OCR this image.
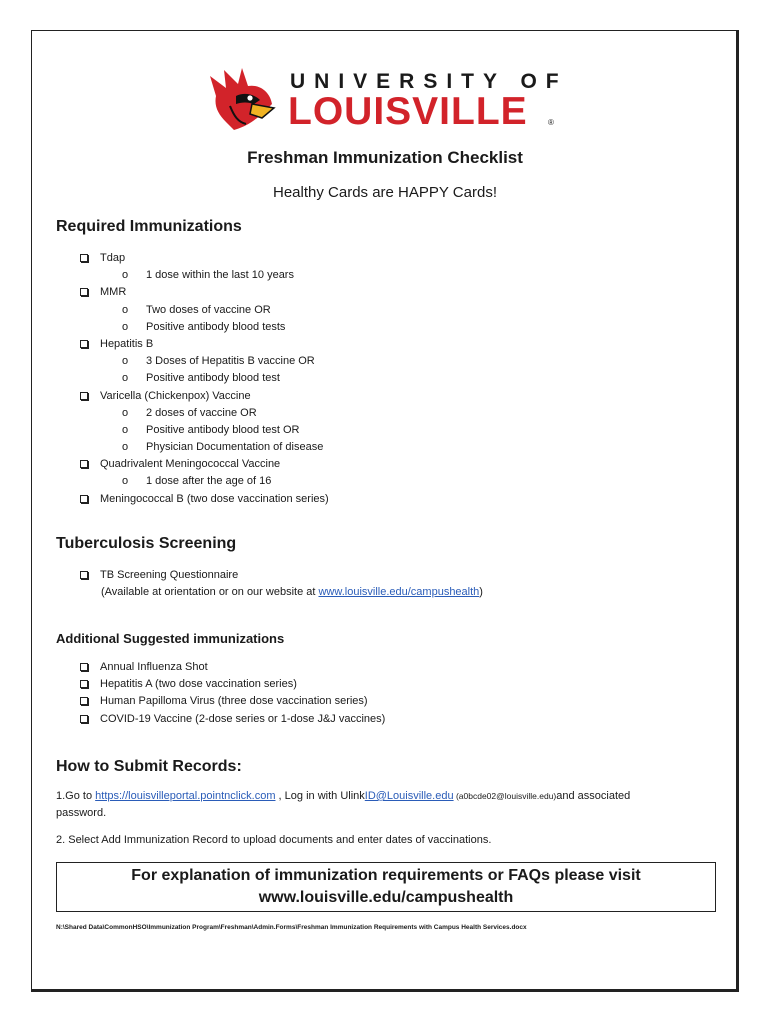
UNIVERSITY OF
LOUISVILLE	®
Freshman Immunization Checklist
Healthy Cards are HAPPY Cards!
Required Immunizations
Tdap
o 1 dose within the last 10 years
MMR
o Two doses of vaccine OR
o Positive antibody blood tests
Hepatitis B
o 3 Doses of Hepatitis B vaccine OR
o Positive antibody blood test
Varicella (Chickenpox) Vaccine
o 2 doses of vaccine OR
o Positive antibody blood test OR
o Physician Documentation of disease
Quadrivalent Meningococcal Vaccine
o 1 dose after the age of 16
Meningococcal B (two dose vaccination series)
Tuberculosis Screening
TB Screening Questionnaire
(Available at orientation or on our website at www.louisville.edu/campushealth)
Additional Suggested immunizations
Annual Influenza Shot
Hepatitis A (two dose vaccination series)
Human Papilloma Virus (three dose vaccination series)
COVID-19 Vaccine (2-dose series or 1-dose J&J vaccines)
How to Submit Records:
1.Go to https://louisvilleportal.pointnclick.com , Log in with UlinkID@Louisville.edu (a0bcde02@louisville.edu)and associated
password.
2. Select Add Immunization Record to upload documents and enter dates of vaccinations.
For explanation of immunization requirements or FAQs please visit
www.louisville.edu/campushealth
N:\Shared Data\CommonHSO\Immunization Program\Freshman\Admin.Forms\Freshman Immunization Requirements with Campus Health Services.docx
